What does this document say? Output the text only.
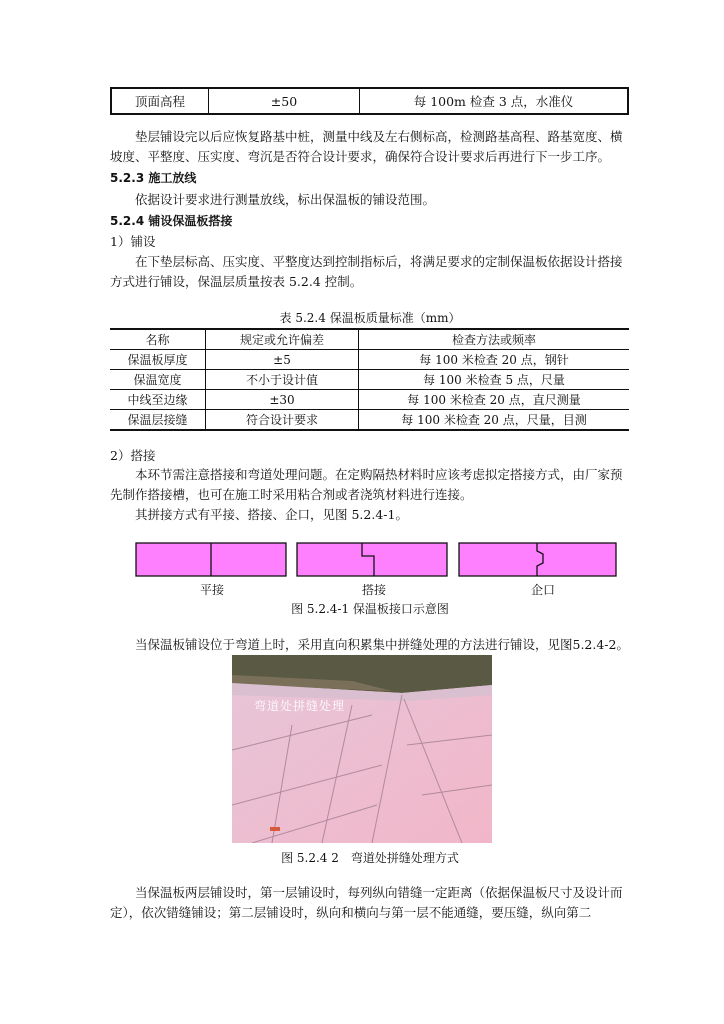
顶面高程	±50	每 100m 检查 3 点，水准仪
垫层铺设完以后应恢复路基中桩，测量中线及左右侧标高，检测路基高程、路基宽度、横坡度、平整度、压实度、弯沉是否符合设计要求，确保符合设计要求后再进行下一步工序。
5.2.3 施工放线
依据设计要求进行测量放线，标出保温板的铺设范围。
5.2.4 铺设保温板搭接
1）铺设
在下垫层标高、压实度、平整度达到控制指标后，将满足要求的定制保温板依据设计搭接方式进行铺设，保温层质量按表 5.2.4 控制。
表 5.2.4 保温板质量标准（mm）
名称	规定或允许偏差	检查方法或频率
保温板厚度	±5	每 100 米检查 20 点，钢针
保温宽度	不小于设计值	每 100 米检查 5 点，尺量
中线至边缘	±30	每 100 米检查 20 点，直尺测量
保温层接缝	符合设计要求	每 100 米检查 20 点，尺量，目测
2）搭接
本环节需注意搭接和弯道处理问题。在定购隔热材料时应该考虑拟定搭接方式，由厂家预先制作搭接槽，也可在施工时采用粘合剂或者浇筑材料进行连接。
其拼接方式有平接、搭接、企口，见图 5.2.4-1。
平接	搭接	企口
图 5.2.4-1 保温板接口示意图
当保温板铺设位于弯道上时，采用直向积累集中拼缝处理的方法进行铺设，见图5.2.4-2。
弯道处拼缝处理
图 5.2.4 2　弯道处拼缝处理方式
当保温板两层铺设时，第一层铺设时，每列纵向错缝一定距离（依据保温板尺寸及设计而定），依次错缝铺设；第二层铺设时，纵向和横向与第一层不能通缝，要压缝，纵向第二
